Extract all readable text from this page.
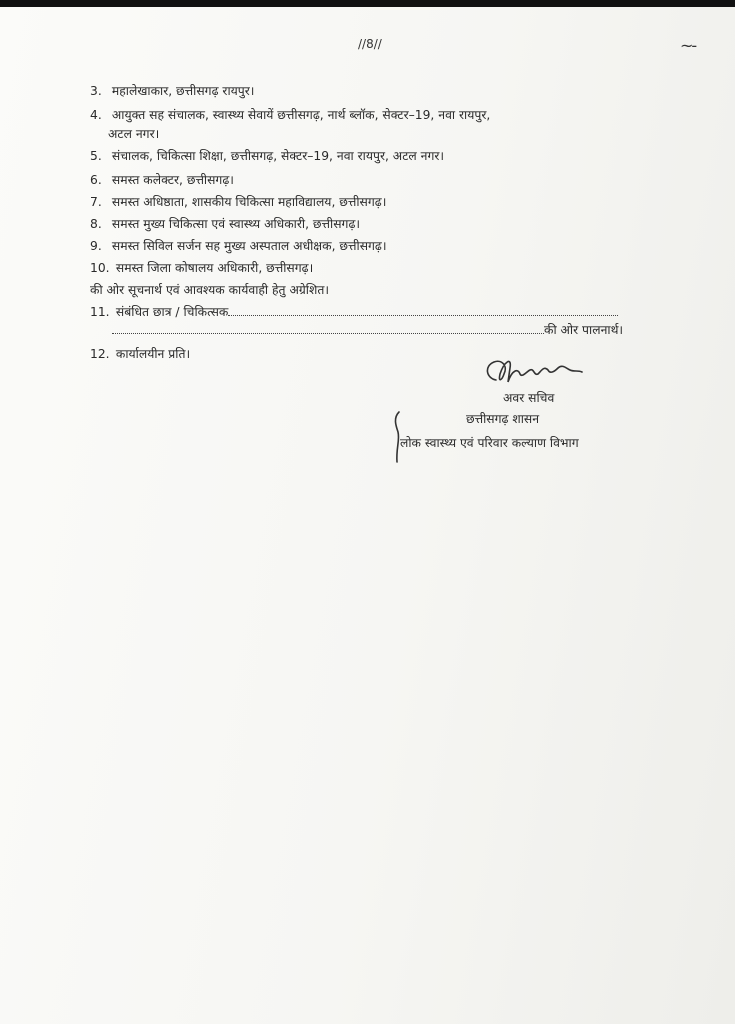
//8//	~-
3. महालेखाकार, छत्तीसगढ़ रायपुर।
4. आयुक्त सह संचालक, स्वास्थ्य सेवायें छत्तीसगढ़, नार्थ ब्लॉक, सेक्टर–19, नवा रायपुर,
अटल नगर।
5. संचालक, चिकित्सा शिक्षा, छत्तीसगढ़, सेक्टर–19, नवा रायपुर, अटल नगर।
6. समस्त कलेक्टर, छत्तीसगढ़।
7. समस्त अधिष्ठाता, शासकीय चिकित्सा महाविद्यालय, छत्तीसगढ़।
8. समस्त मुख्य चिकित्सा एवं स्वास्थ्य अधिकारी, छत्तीसगढ़।
9. समस्त सिविल सर्जन सह मुख्य अस्पताल अधीक्षक, छत्तीसगढ़।
10. समस्त जिला कोषालय अधिकारी, छत्तीसगढ़।
की ओर सूचनार्थ एवं आवश्यक कार्यवाही हेतु अग्रेशित।
11. संबंधित छात्र / चिकित्सक
की ओर पालनार्थ।
12. कार्यालयीन प्रति।
अवर सचिव
छत्तीसगढ़ शासन
लोक स्वास्थ्य एवं परिवार कल्याण विभाग
